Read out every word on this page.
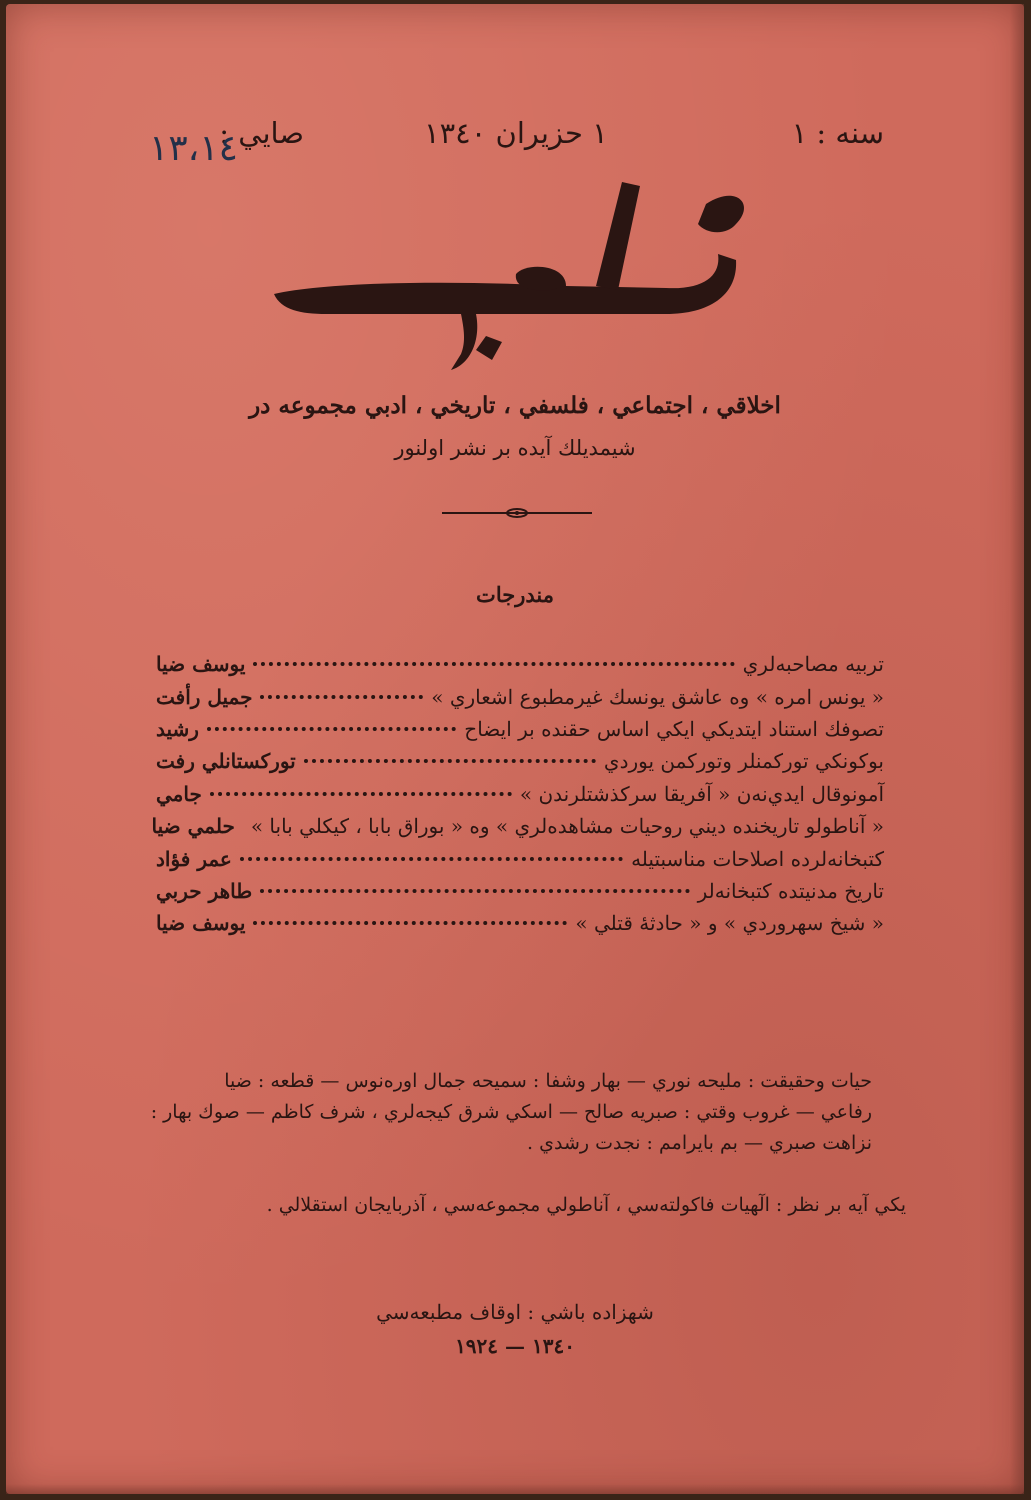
سنه : ١
١ حزيران ١٣٤٠
صايي :
١٣،١٤ محراب
اخلاقي ، اجتماعي ، فلسفي ، تاريخي ، ادبي مجموعه در
شيمديلك آيده بر نشر اولنور
مندرجات
تربيه مصاحبه‌لري
يوسف ضيا
« يونس امره » وه عاشق يونسك غيرمطبوع اشعاري »
جميل رأفت
تصوفك استناد ايتديكي ايكي اساس حقنده بر ايضاح
رشيد
بوكونكي توركمنلر وتوركمن يوردي
توركستانلي رفت
آمونوقال ايدي‌نه‌ن « آفريقا سركذشتلرندن »
جامي
« آناطولو تاريخنده ديني روحيات مشاهده‌لري » وه « بوراق بابا ، كيكلي بابا »
حلمي ضيا
كتبخانه‌لرده اصلاحات مناسبتيله
عمر فؤاد
تاريخ مدنيتده كتبخانه‌لر
طاهر حربي
« شيخ سهروردي » و « حادثهٔ قتلي »
يوسف ضيا
حيات وحقيقت : مليحه نوري — بهار وشفا : سميحه جمال اوره‌نوس — قطعه : ضيا
رفاعي — غروب وقتي : صبريه صالح — اسكي شرق كيجه‌لري ، شرف كاظم — صوك بهار :
نزاهت صبري — بم بايرامم : نجدت رشدي .
يكي آيه بر نظر : الٓهيات فاكولته‌سي ، آناطولي مجموعه‌سي ، آذربايجان استقلالي .
شهزاده باشي : اوقاف مطبعه‌سي
١٣٤٠ — ١٩٢٤
